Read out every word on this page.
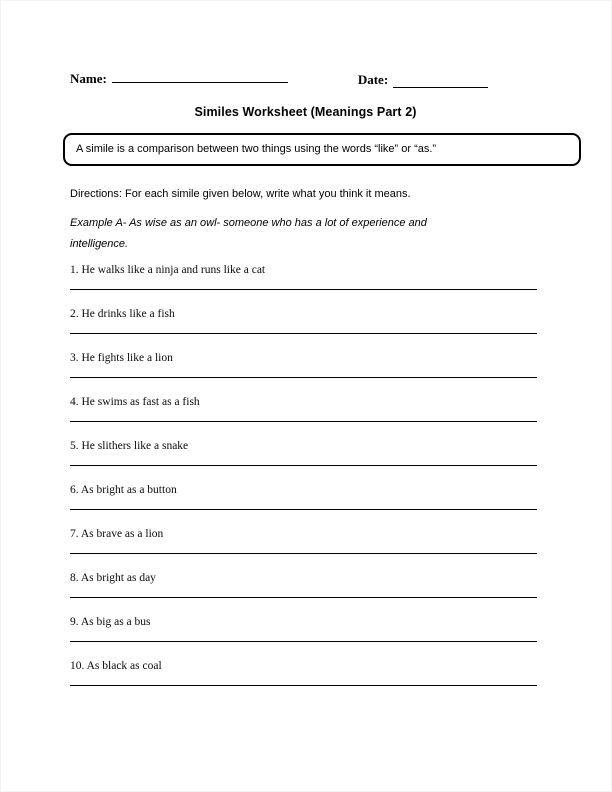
Name:	Date:
Similes Worksheet (Meanings Part 2)
A simile is a comparison between two things using the words “like” or “as.”
Directions: For each simile given below, write what you think it means.
Example A- As wise as an owl- someone who has a lot of experience and intelligence.
1. He walks like a ninja and runs like a cat
2. He drinks like a fish
3. He fights like a lion
4. He swims as fast as a fish
5. He slithers like a snake
6. As bright as a button
7. As brave as a lion
8. As bright as day
9. As big as a bus
10. As black as coal
